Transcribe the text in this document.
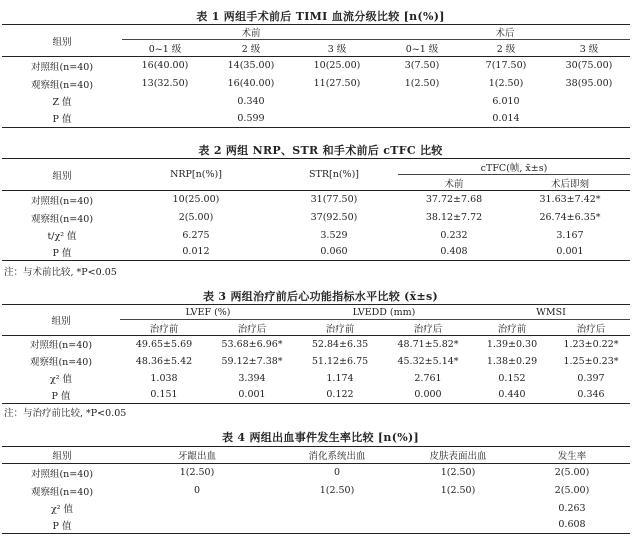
表 1 两组手术前后 TIMI 血流分级比较 [n(%)]
组别	术前			术后		
	0~1 级	2 级	3 级	0~1 级	2 级	3 级
对照组(n=40)	16(40.00)	14(35.00)	10(25.00)	3(7.50)	7(17.50)	30(75.00)
观察组(n=40)	13(32.50)	16(40.00)	11(27.50)	1(2.50)	1(2.50)	38(95.00)
Z 值		0.340			6.010	
P 值		0.599			0.014	
表 2 两组 NRP、STR 和手术前后 cTFC 比较
组别	NRP[n(%)]	STR[n(%)]	cTFC(帧, x̄±s)	
			术前	术后即刻
对照组(n=40)	10(25.00)	31(77.50)	37.72±7.68	31.63±7.42*
观察组(n=40)	2(5.00)	37(92.50)	38.12±7.72	26.74±6.35*
t/χ² 值	6.275	3.529	0.232	3.167
P 值	0.012	0.060	0.408	0.001
注：与术前比较, *P<0.05
表 3 两组治疗前后心功能指标水平比较 (x̄±s)
组别	LVEF (%)		LVEDD (mm)		WMSI	
	治疗前	治疗后	治疗前	治疗后	治疗前	治疗后
对照组(n=40)	49.65±5.69	53.68±6.96*	52.84±6.35	48.71±5.82*	1.39±0.30	1.23±0.22*
观察组(n=40)	48.36±5.42	59.12±7.38*	51.12±6.75	45.32±5.14*	1.38±0.29	1.25±0.23*
χ² 值	1.038	3.394	1.174	2.761	0.152	0.397
P 值	0.151	0.001	0.122	0.000	0.440	0.346
注：与治疗前比较, *P<0.05
表 4 两组出血事件发生率比较 [n(%)]
组别	牙龈出血	消化系统出血	皮肤表面出血	发生率
对照组(n=40)	1(2.50)	0	1(2.50)	2(5.00)
观察组(n=40)	0	1(2.50)	1(2.50)	2(5.00)
χ² 值				0.263
P 值				0.608
